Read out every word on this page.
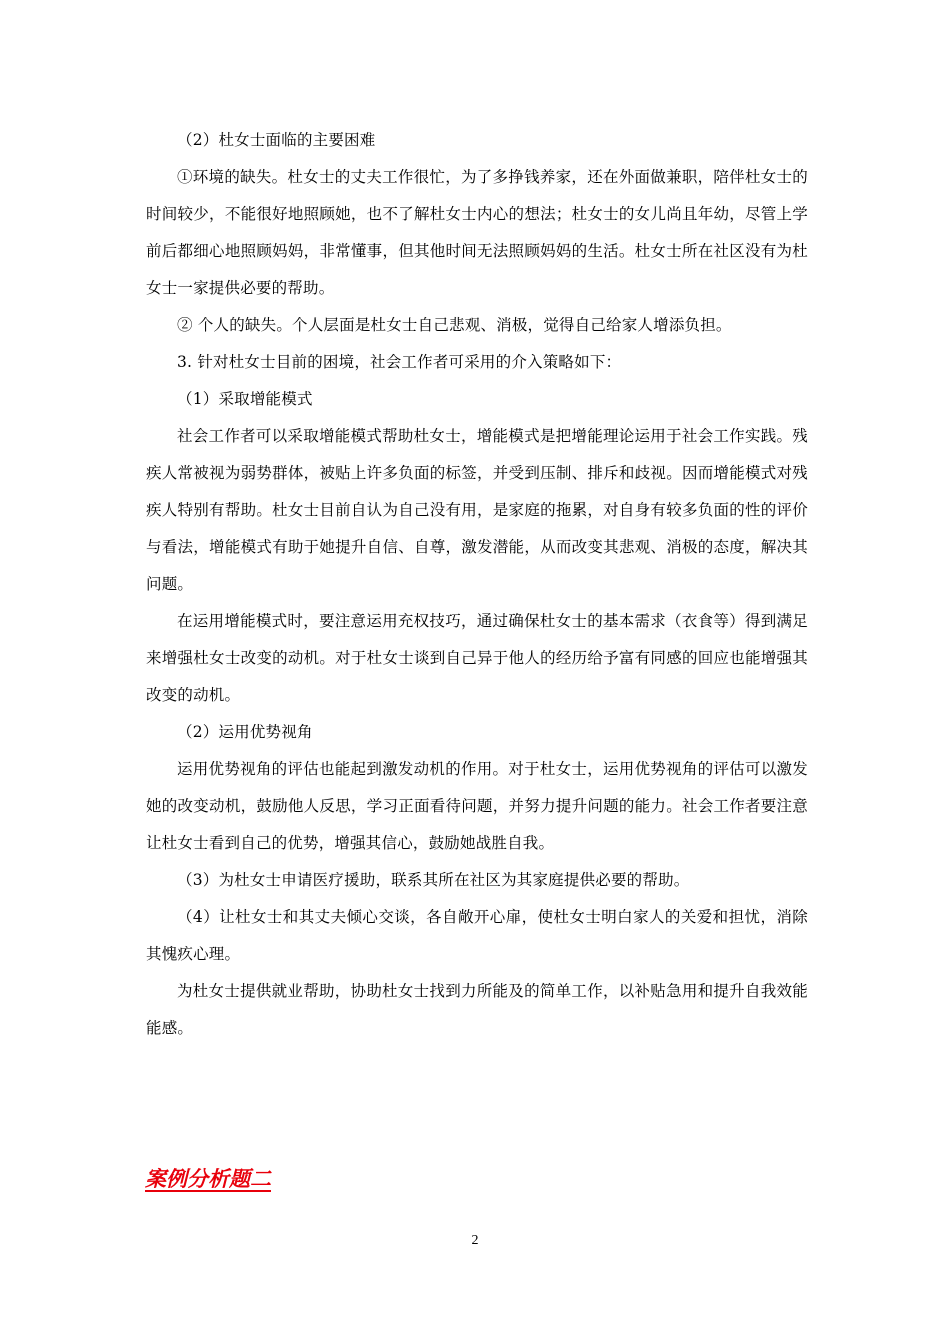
（2）杜女士面临的主要困难

①环境的缺失。杜女士的丈夫工作很忙，为了多挣钱养家，还在外面做兼职，陪伴杜女士的时间较少，不能很好地照顾她，也不了解杜女士内心的想法；杜女士的女儿尚且年幼，尽管上学前后都细心地照顾妈妈，非常懂事，但其他时间无法照顾妈妈的生活。杜女士所在社区没有为杜女士一家提供必要的帮助。

② 个人的缺失。个人层面是杜女士自己悲观、消极，觉得自己给家人增添负担。

3. 针对杜女士目前的困境，社会工作者可采用的介入策略如下：

（1）采取增能模式

社会工作者可以采取增能模式帮助杜女士，增能模式是把增能理论运用于社会工作实践。残疾人常被视为弱势群体，被贴上许多负面的标签，并受到压制、排斥和歧视。因而增能模式对残疾人特别有帮助。杜女士目前自认为自己没有用，是家庭的拖累，对自身有较多负面的性的评价与看法，增能模式有助于她提升自信、自尊，激发潜能，从而改变其悲观、消极的态度，解决其问题。

在运用增能模式时，要注意运用充权技巧，通过确保杜女士的基本需求（衣食等）得到满足来增强杜女士改变的动机。对于杜女士谈到自己异于他人的经历给予富有同感的回应也能增强其改变的动机。

（2）运用优势视角

运用优势视角的评估也能起到激发动机的作用。对于杜女士，运用优势视角的评估可以激发她的改变动机，鼓励他人反思，学习正面看待问题，并努力提升问题的能力。社会工作者要注意让杜女士看到自己的优势，增强其信心，鼓励她战胜自我。

（3）为杜女士申请医疗援助，联系其所在社区为其家庭提供必要的帮助。

（4）让杜女士和其丈夫倾心交谈，各自敞开心扉，使杜女士明白家人的关爱和担忧，消除其愧疚心理。

为杜女士提供就业帮助，协助杜女士找到力所能及的简单工作，以补贴急用和提升自我效能能感。

案例分析题二

2
